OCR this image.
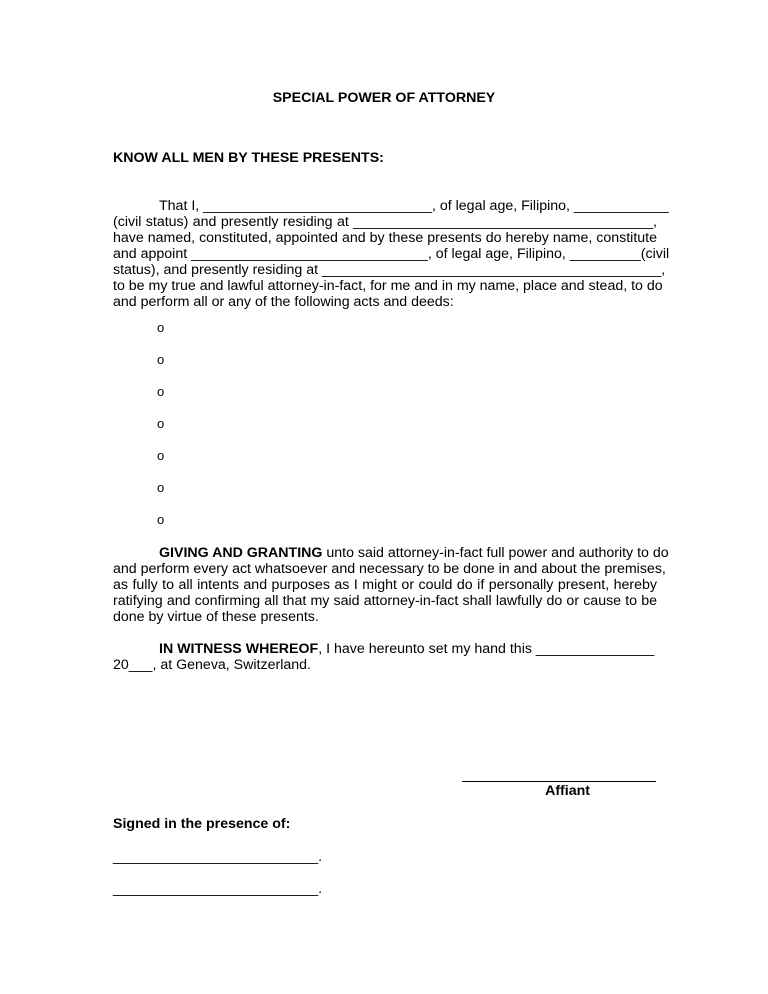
SPECIAL POWER OF ATTORNEY
KNOW ALL MEN BY THESE PRESENTS:
That I, _____________________________, of legal age, Filipino, ____________
(civil status) and presently residing at ______________________________________,
have named, constituted, appointed and by these presents do hereby name, constitute
and appoint ______________________________, of legal age, Filipino, _________(civil
status), and presently residing at ___________________________________________,
to be my true and lawful attorney-in-fact, for me and in my name, place and stead, to do
and perform all or any of the following acts and deeds:
o
o
o
o
o
o
o
GIVING AND GRANTING unto said attorney-in-fact full power and authority to do
and perform every act whatsoever and necessary to be done in and about the premises,
as fully to all intents and purposes as I might or could do if personally present, hereby
ratifying and confirming all that my said attorney-in-fact shall lawfully do or cause to be
done by virtue of these presents.
IN WITNESS WHEREOF, I have hereunto set my hand this _______________
20___, at Geneva, Switzerland.
Affiant
Signed in the presence of:
__________________________.
__________________________.
